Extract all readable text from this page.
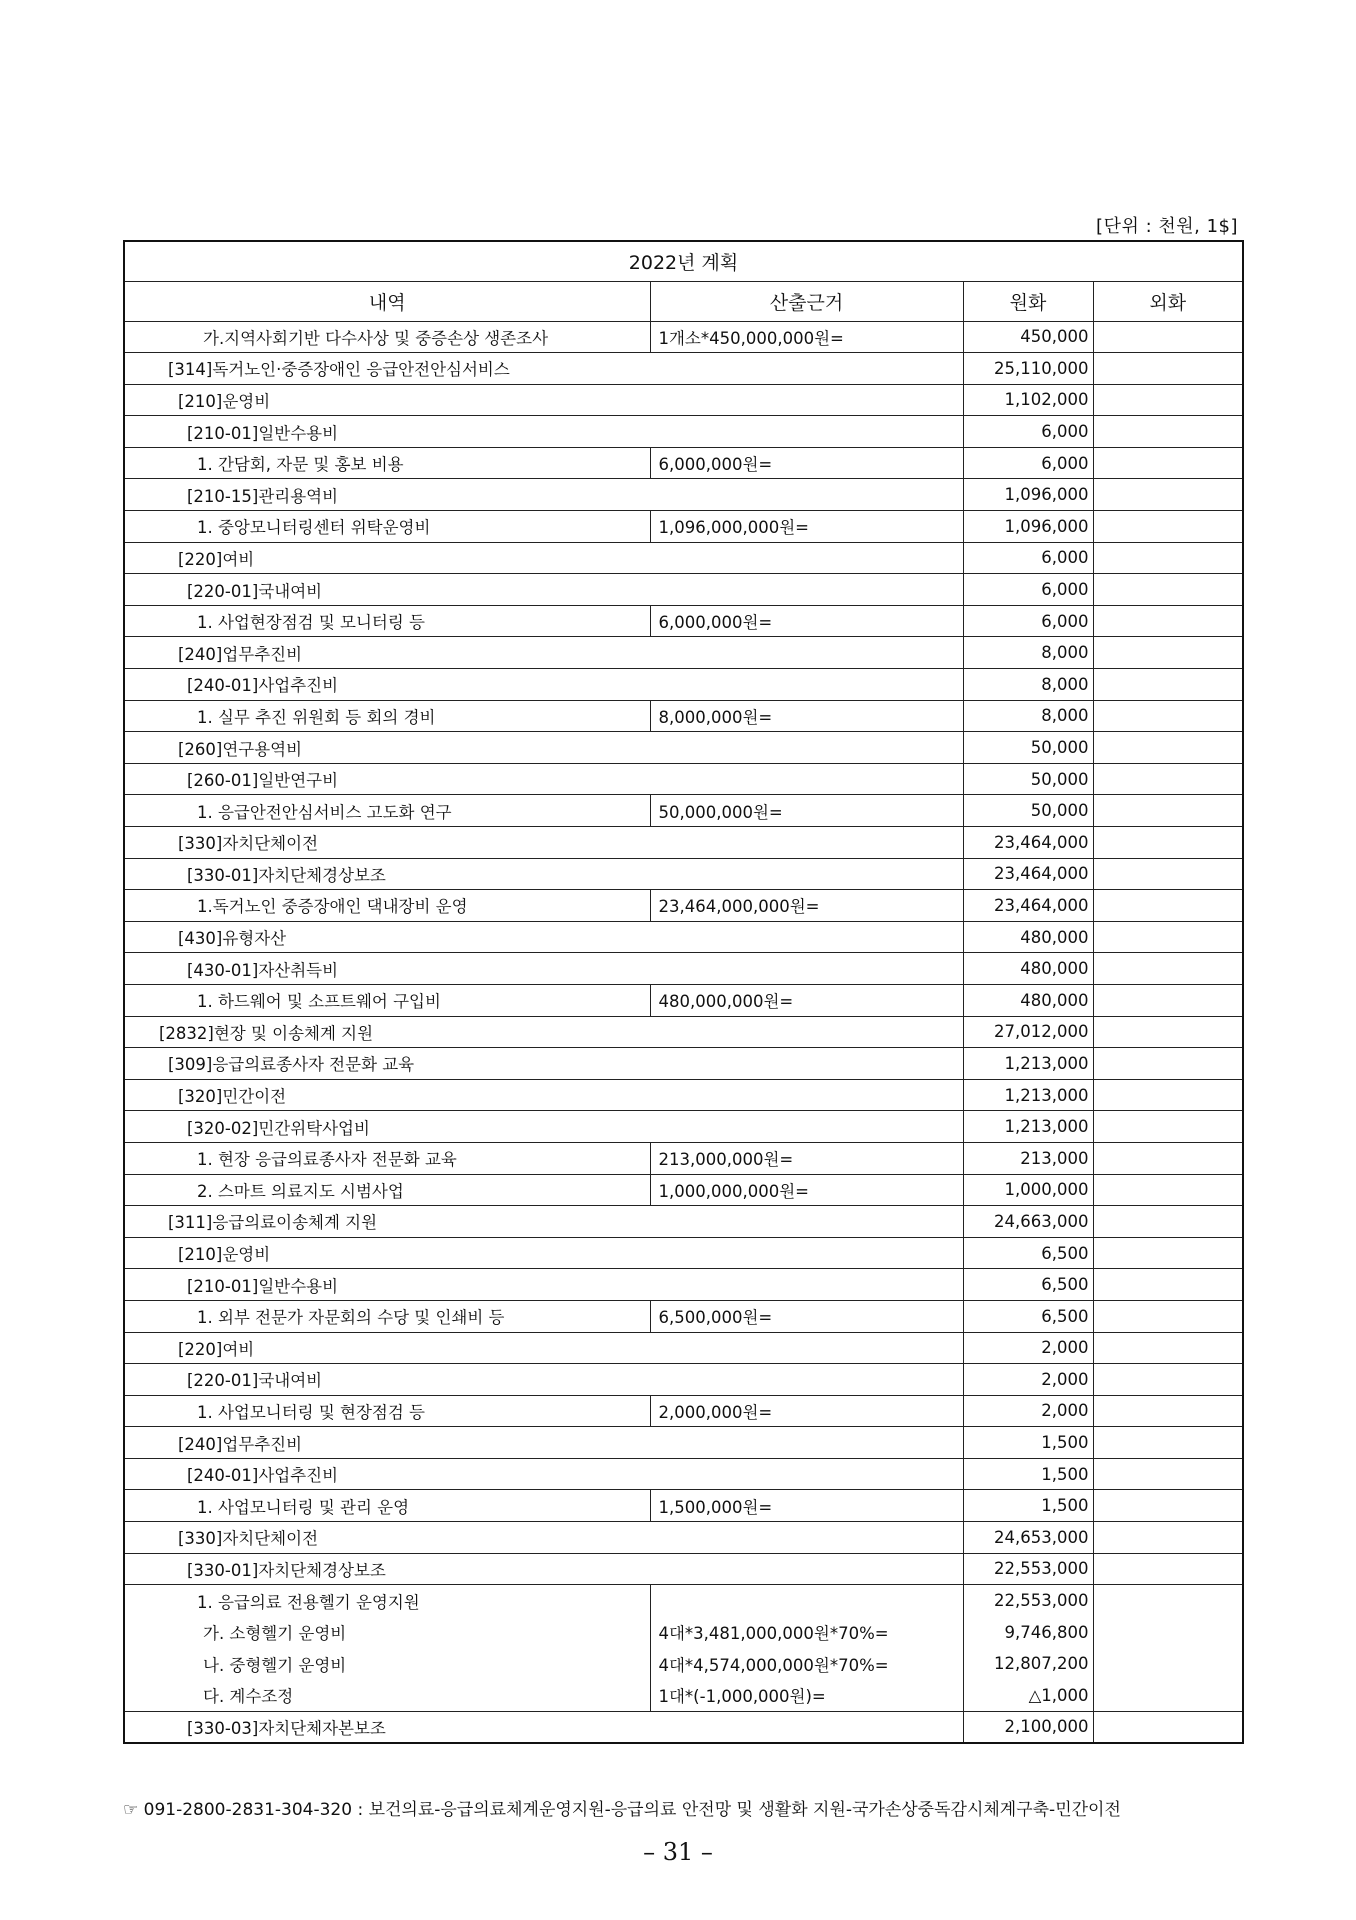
[단위 : 천원, 1$]
2022년 계획			
내역	산출근거	원화	외화
가.지역사회기반 다수사상 및 중증손상 생존조사	1개소*450,000,000원=	450,000	
[314]독거노인·중증장애인 응급안전안심서비스		25,110,000	
[210]운영비		1,102,000	
[210-01]일반수용비		6,000	
1. 간담회, 자문 및 홍보 비용	6,000,000원=	6,000	
[210-15]관리용역비		1,096,000	
1. 중앙모니터링센터 위탁운영비	1,096,000,000원=	1,096,000	
[220]여비		6,000	
[220-01]국내여비		6,000	
1. 사업현장점검 및 모니터링 등	6,000,000원=	6,000	
[240]업무추진비		8,000	
[240-01]사업추진비		8,000	
1. 실무 추진 위원회 등 회의 경비	8,000,000원=	8,000	
[260]연구용역비		50,000	
[260-01]일반연구비		50,000	
1. 응급안전안심서비스 고도화 연구	50,000,000원=	50,000	
[330]자치단체이전		23,464,000	
[330-01]자치단체경상보조		23,464,000	
1.독거노인 중증장애인 댁내장비 운영	23,464,000,000원=	23,464,000	
[430]유형자산		480,000	
[430-01]자산취득비		480,000	
1. 하드웨어 및 소프트웨어 구입비	480,000,000원=	480,000	
[2832]현장 및 이송체계 지원		27,012,000	
[309]응급의료종사자 전문화 교육		1,213,000	
[320]민간이전		1,213,000	
[320-02]민간위탁사업비		1,213,000	
1. 현장 응급의료종사자 전문화 교육	213,000,000원=	213,000	
2. 스마트 의료지도 시범사업	1,000,000,000원=	1,000,000	
[311]응급의료이송체계 지원		24,663,000	
[210]운영비		6,500	
[210-01]일반수용비		6,500	
1. 외부 전문가 자문회의 수당 및 인쇄비 등	6,500,000원=	6,500	
[220]여비		2,000	
[220-01]국내여비		2,000	
1. 사업모니터링 및 현장점검 등	2,000,000원=	2,000	
[240]업무추진비		1,500	
[240-01]사업추진비		1,500	
1. 사업모니터링 및 관리 운영	1,500,000원=	1,500	
[330]자치단체이전		24,653,000	
[330-01]자치단체경상보조		22,553,000	
1. 응급의료 전용헬기 운영지원		22,553,000	
가. 소형헬기 운영비	4대*3,481,000,000원*70%=	9,746,800	
나. 중형헬기 운영비	4대*4,574,000,000원*70%=	12,807,200	
다. 계수조정	1대*(-1,000,000원)=	△1,000	
[330-03]자치단체자본보조		2,100,000	
☞ 091-2800-2831-304-320 : 보건의료-응급의료체계운영지원-응급의료 안전망 및 생활화 지원-국가손상중독감시체계구축-민간이전
– 31 –
